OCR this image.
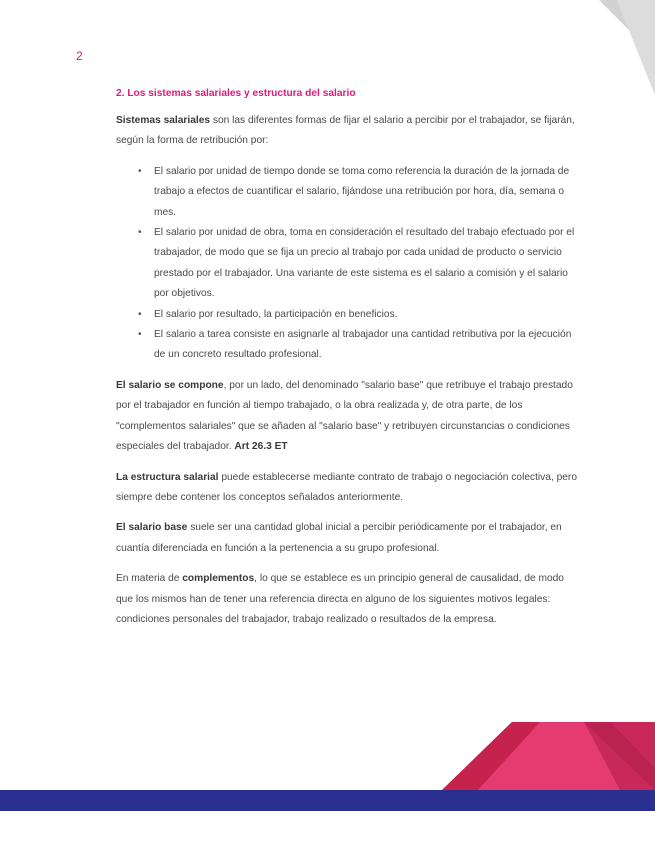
2
2. Los sistemas salariales y estructura del salario

Sistemas salariales son las diferentes formas de fijar el salario a percibir por el trabajador, se fijarán, según la forma de retribución por:

• El salario por unidad de tiempo donde se toma como referencia la duración de la jornada de trabajo a efectos de cuantificar el salario, fijándose una retribución por hora, día, semana o mes.
• El salario por unidad de obra, toma en consideración el resultado del trabajo efectuado por el trabajador, de modo que se fija un precio al trabajo por cada unidad de producto o servicio prestado por el trabajador. Una variante de este sistema es el salario a comisión y el salario por objetivos.
• El salario por resultado, la participación en beneficios.
• El salario a tarea consiste en asignarle al trabajador una cantidad retributiva por la ejecución de un concreto resultado profesional.

El salario se compone, por un lado, del denominado "salario base" que retribuye el trabajo prestado por el trabajador en función al tiempo trabajado, o la obra realizada y, de otra parte, de los "complementos salariales" que se añaden al "salario base" y retribuyen circunstancias o condiciones especiales del trabajador. Art 26.3 ET

La estructura salarial puede establecerse mediante contrato de trabajo o negociación colectiva, pero siempre debe contener los conceptos señalados anteriormente.

El salario base suele ser una cantidad global inicial a percibir periódicamente por el trabajador, en cuantía diferenciada en función a la pertenencia a su grupo profesional.

En materia de complementos, lo que se establece es un principio general de causalidad, de modo que los mismos han de tener una referencia directa en alguno de los siguientes motivos legales: condiciones personales del trabajador, trabajo realizado o resultados de la empresa.
